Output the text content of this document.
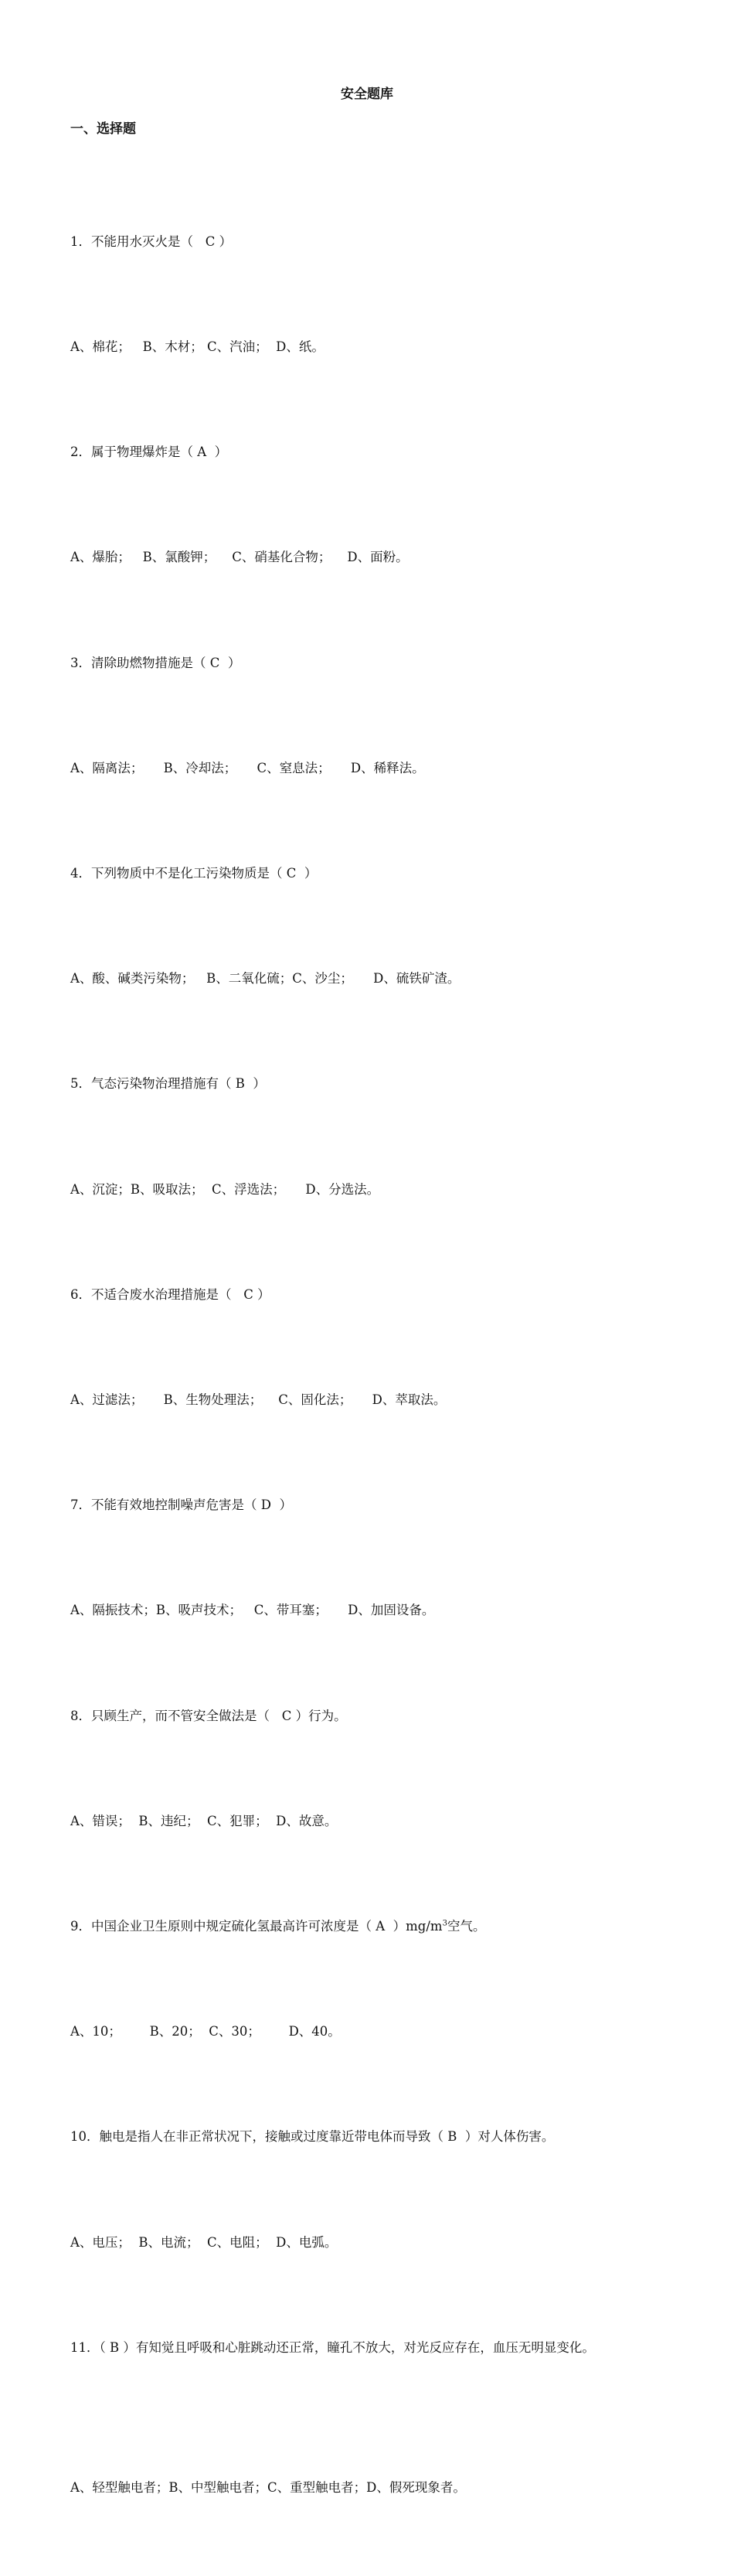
安全题库
一、选择题

1．不能用水灭火是（   C ）

A、棉花；   B、木材； C、汽油；  D、纸。

2．属于物理爆炸是（ A  ）

A、爆胎；   B、氯酸钾；    C、硝基化合物；    D、面粉。

3．清除助燃物措施是（ C  ）

A、隔离法；     B、冷却法；     C、窒息法；     D、稀释法。

4．下列物质中不是化工污染物质是（ C  ）

A、酸、碱类污染物；   B、二氧化硫；C、沙尘；     D、硫铁矿渣。

5．气态污染物治理措施有（ B  ）

A、沉淀；B、吸取法；  C、浮选法；     D、分选法。

6．不适合废水治理措施是（   C ）

A、过滤法；     B、生物处理法；    C、固化法；     D、萃取法。

7．不能有效地控制噪声危害是（ D  ）

A、隔振技术；B、吸声技术；   C、带耳塞；     D、加固设备。

8．只顾生产，而不管安全做法是（   C ）行为。

A、错误；  B、违纪；  C、犯罪；  D、故意。

9．中国企业卫生原则中规定硫化氢最高许可浓度是（ A  ）$mg/m^3$空气。

A、10；       B、20；  C、30；       D、40。

10．触电是指人在非正常状况下，接触或过度靠近带电体而导致（ B  ）对人体伤害。

A、电压；  B、电流；  C、电阻；  D、电弧。

11．（ B ）有知觉且呼吸和心脏跳动还正常，瞳孔不放大，对光反应存在，血压无明显变化。

A、轻型触电者；B、中型触电者；C、重型触电者；D、假死现象者。
